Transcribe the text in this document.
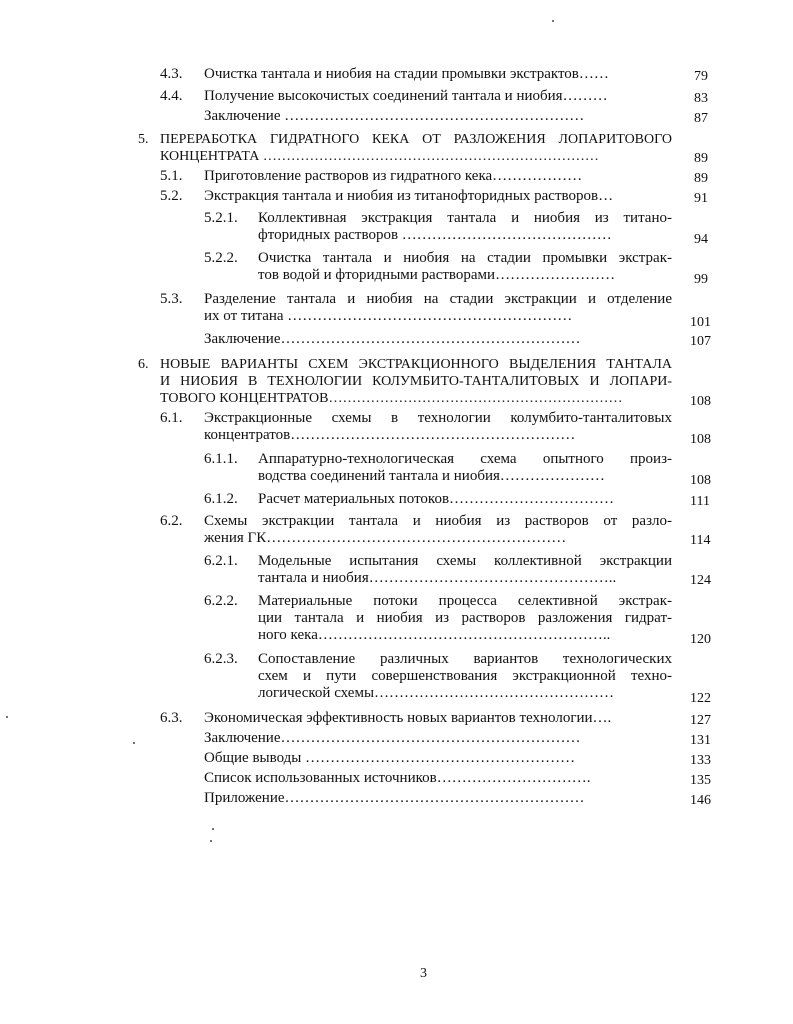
4.3. Очистка тантала и ниобия на стадии промывки экстрактов……	79
4.4. Получение высокочистых соединений тантала и ниобия………	83
Заключение ……………………………………………………	87
5. ПЕРЕРАБОТКА ГИДРАТНОГО КЕКА ОТ РАЗЛОЖЕНИЯ ЛОПАРИТОВОГО
КОНЦЕНТРАТА ………………………………………………………………	89
5.1. Приготовление растворов из гидратного кека………………	89
5.2. Экстракция тантала и ниобия из титанофторидных растворов…	91
5.2.1. Коллективная экстракция тантала и ниобия из титано-
фторидных растворов ……………………………………	94
5.2.2. Очистка тантала и ниобия на стадии промывки экстрак-
тов водой и фторидными растворами……………………	99
5.3. Разделение тантала и ниобия на стадии экстракции и отделение
их от титана …………………………………………………	101
Заключение……………………………………………………	107
6. НОВЫЕ ВАРИАНТЫ СХЕМ ЭКСТРАКЦИОННОГО ВЫДЕЛЕНИЯ ТАНТАЛА
И НИОБИЯ В ТЕХНОЛОГИИ КОЛУМБИТО-ТАНТАЛИТОВЫХ И ЛОПАРИ-
ТОВОГО КОНЦЕНТРАТОВ………………………………………………………	108
6.1. Экстракционные схемы в технологии колумбито-танталитовых
концентратов…………………………………………………	108
6.1.1. Аппаратурно-технологическая схема опытного произ-
водства соединений тантала и ниобия…………………	108
6.1.2. Расчет материальных потоков……………………………	111
6.2. Схемы экстракции тантала и ниобия из растворов от разло-
жения ГК……………………………………………………	114
6.2.1. Модельные испытания схемы коллективной экстракции
тантала и ниобия…………………………………………..	124
6.2.2. Материальные потоки процесса селективной экстрак-
ции тантала и ниобия из растворов разложения гидрат-
ного кека…………………………………………………..	120
6.2.3. Сопоставление различных вариантов технологических
схем и пути совершенствования экстракционной техно-
логической схемы…………………………………………	122
6.3. Экономическая эффективность новых вариантов технологии….	127
Заключение……………………………………………………	131
Общие выводы ………………………………………………	133
Список использованных источников………………………….	135
Приложение……………………………………………………	146
3
